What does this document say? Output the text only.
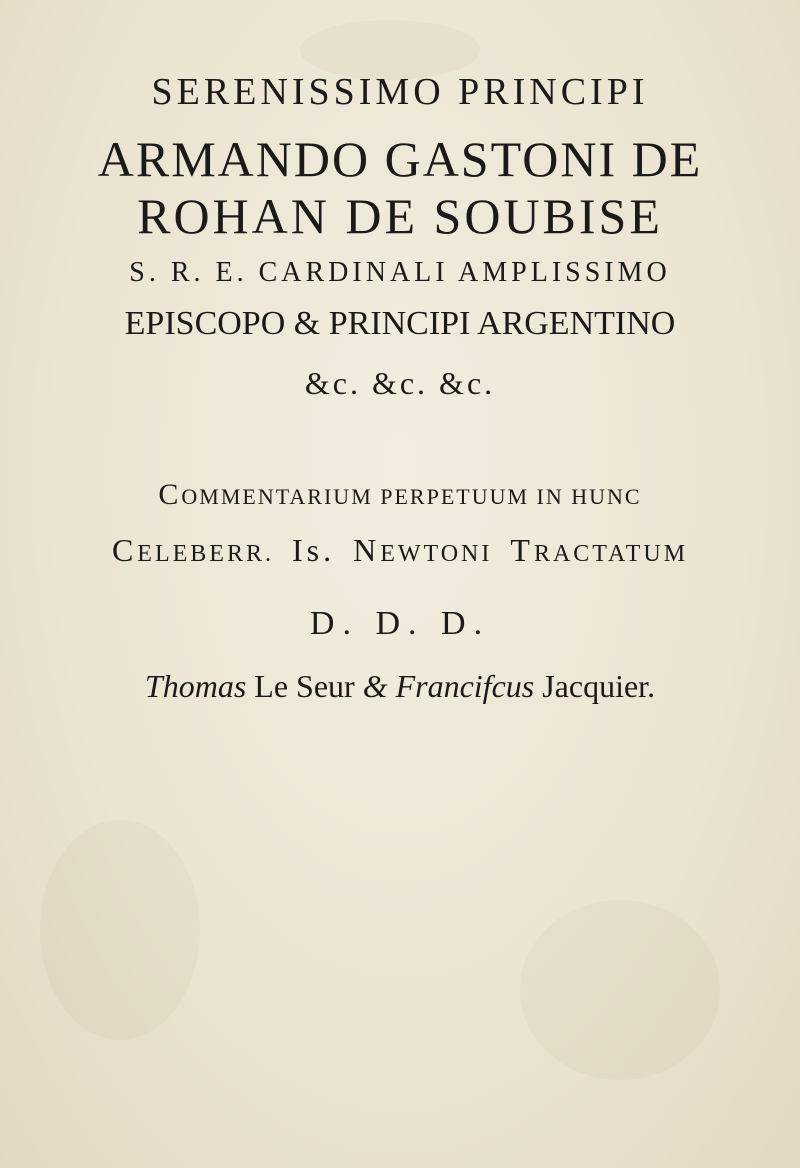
SERENISSIMO PRINCIPI
ARMANDO GASTONI DE
ROHAN DE SOUBISE
S. R. E. CARDINALI AMPLISSIMO
EPISCOPO & PRINCIPI ARGENTINO
&c. &c. &c.
COMMENTARIUM PERPETUUM IN HUNC
CELEBERR. Is. NEWTONI TRACTATUM
D. D. D.
Thomas Le Seur & Francifcus Jacquier.
